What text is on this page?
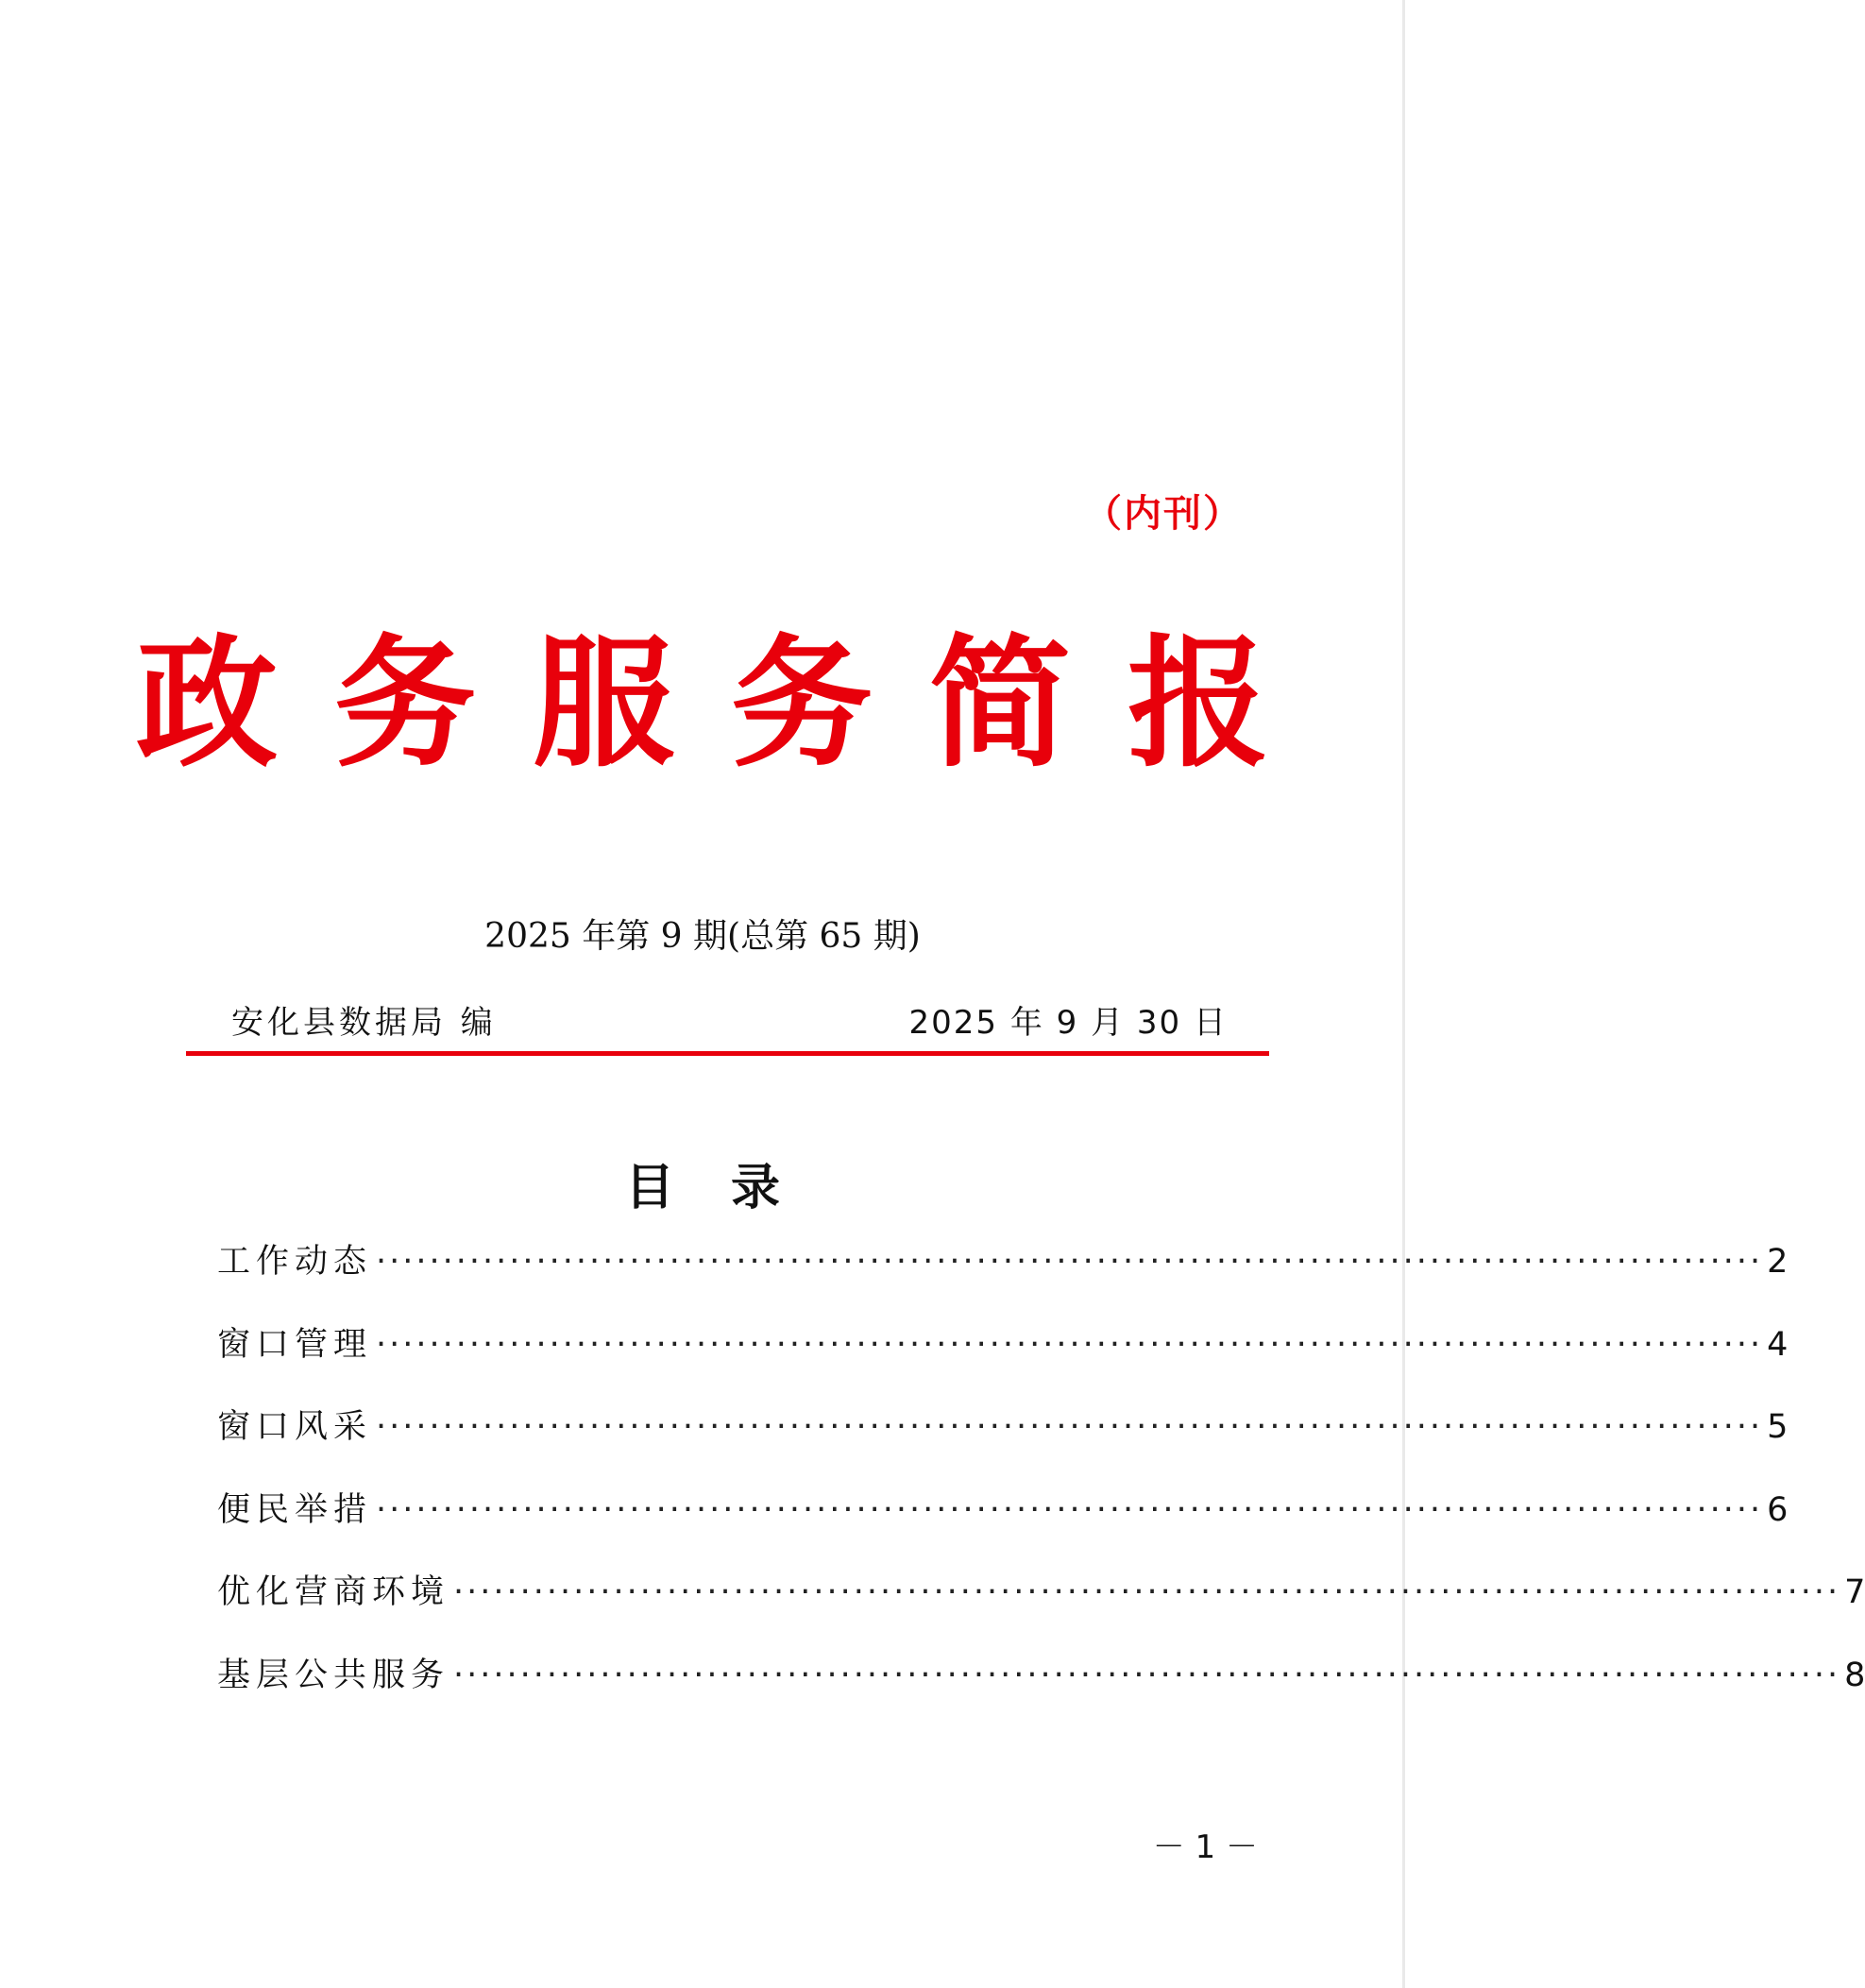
（内刊）
政务服务简报
2025 年第 9 期(总第 65 期)
安化县数据局 编	2025 年 9 月 30 日
目录
工作动态 ········································································································ 2
窗口管理 ········································································································ 4
窗口风采 ········································································································ 5
便民举措 ········································································································ 6
优化营商环境 ········································································································ 7
基层公共服务 ········································································································ 8
－ 1 －
